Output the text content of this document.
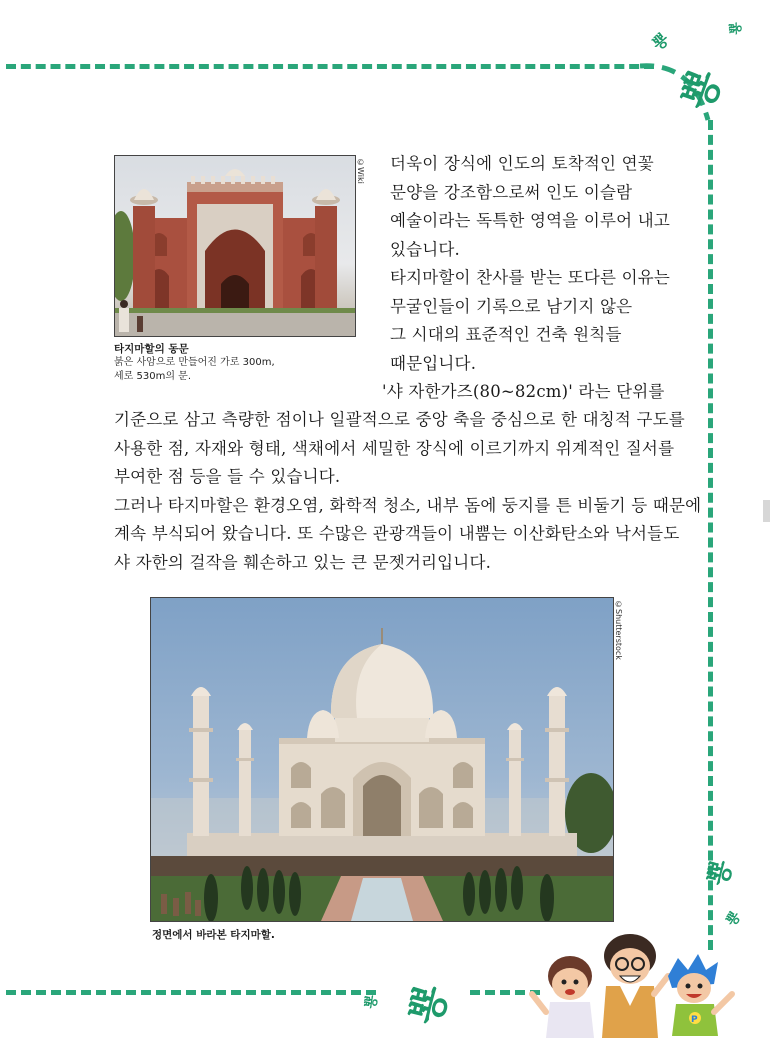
뿅
뿅
뿅
뿅
뿅
뿅 뿅
©Wiki
타지마할의 동문
붉은 사암으로 만들어진 가로 300m,
세로 530m의 문.

더욱이 장식에 인도의 토착적인 연꽃

문양을 강조함으로써 인도 이슬람

예술이라는 독특한 영역을 이루어 내고

있습니다.

타지마할이 찬사를 받는 또다른 이유는

무굴인들이 기록으로 남기지 않은

그 시대의 표준적인 건축 원칙들

때문입니다.

'샤 자한가즈(80~82cm)' 라는 단위를

기준으로 삼고 측량한 점이나 일괄적으로 중앙 축을 중심으로 한 대칭적 구도를

사용한 점, 자재와 형태, 색채에서 세밀한 장식에 이르기까지 위계적인 질서를

부여한 점 등을 들 수 있습니다.

그러나 타지마할은 환경오염, 화학적 청소, 내부 돔에 둥지를 튼 비둘기 등 때문에

계속 부식되어 왔습니다. 또 수많은 관광객들이 내뿜는 이산화탄소와 낙서들도

샤 자한의 걸작을 훼손하고 있는 큰 문젯거리입니다.

©Shutterstock
정면에서 바라본 타지마할.
P
